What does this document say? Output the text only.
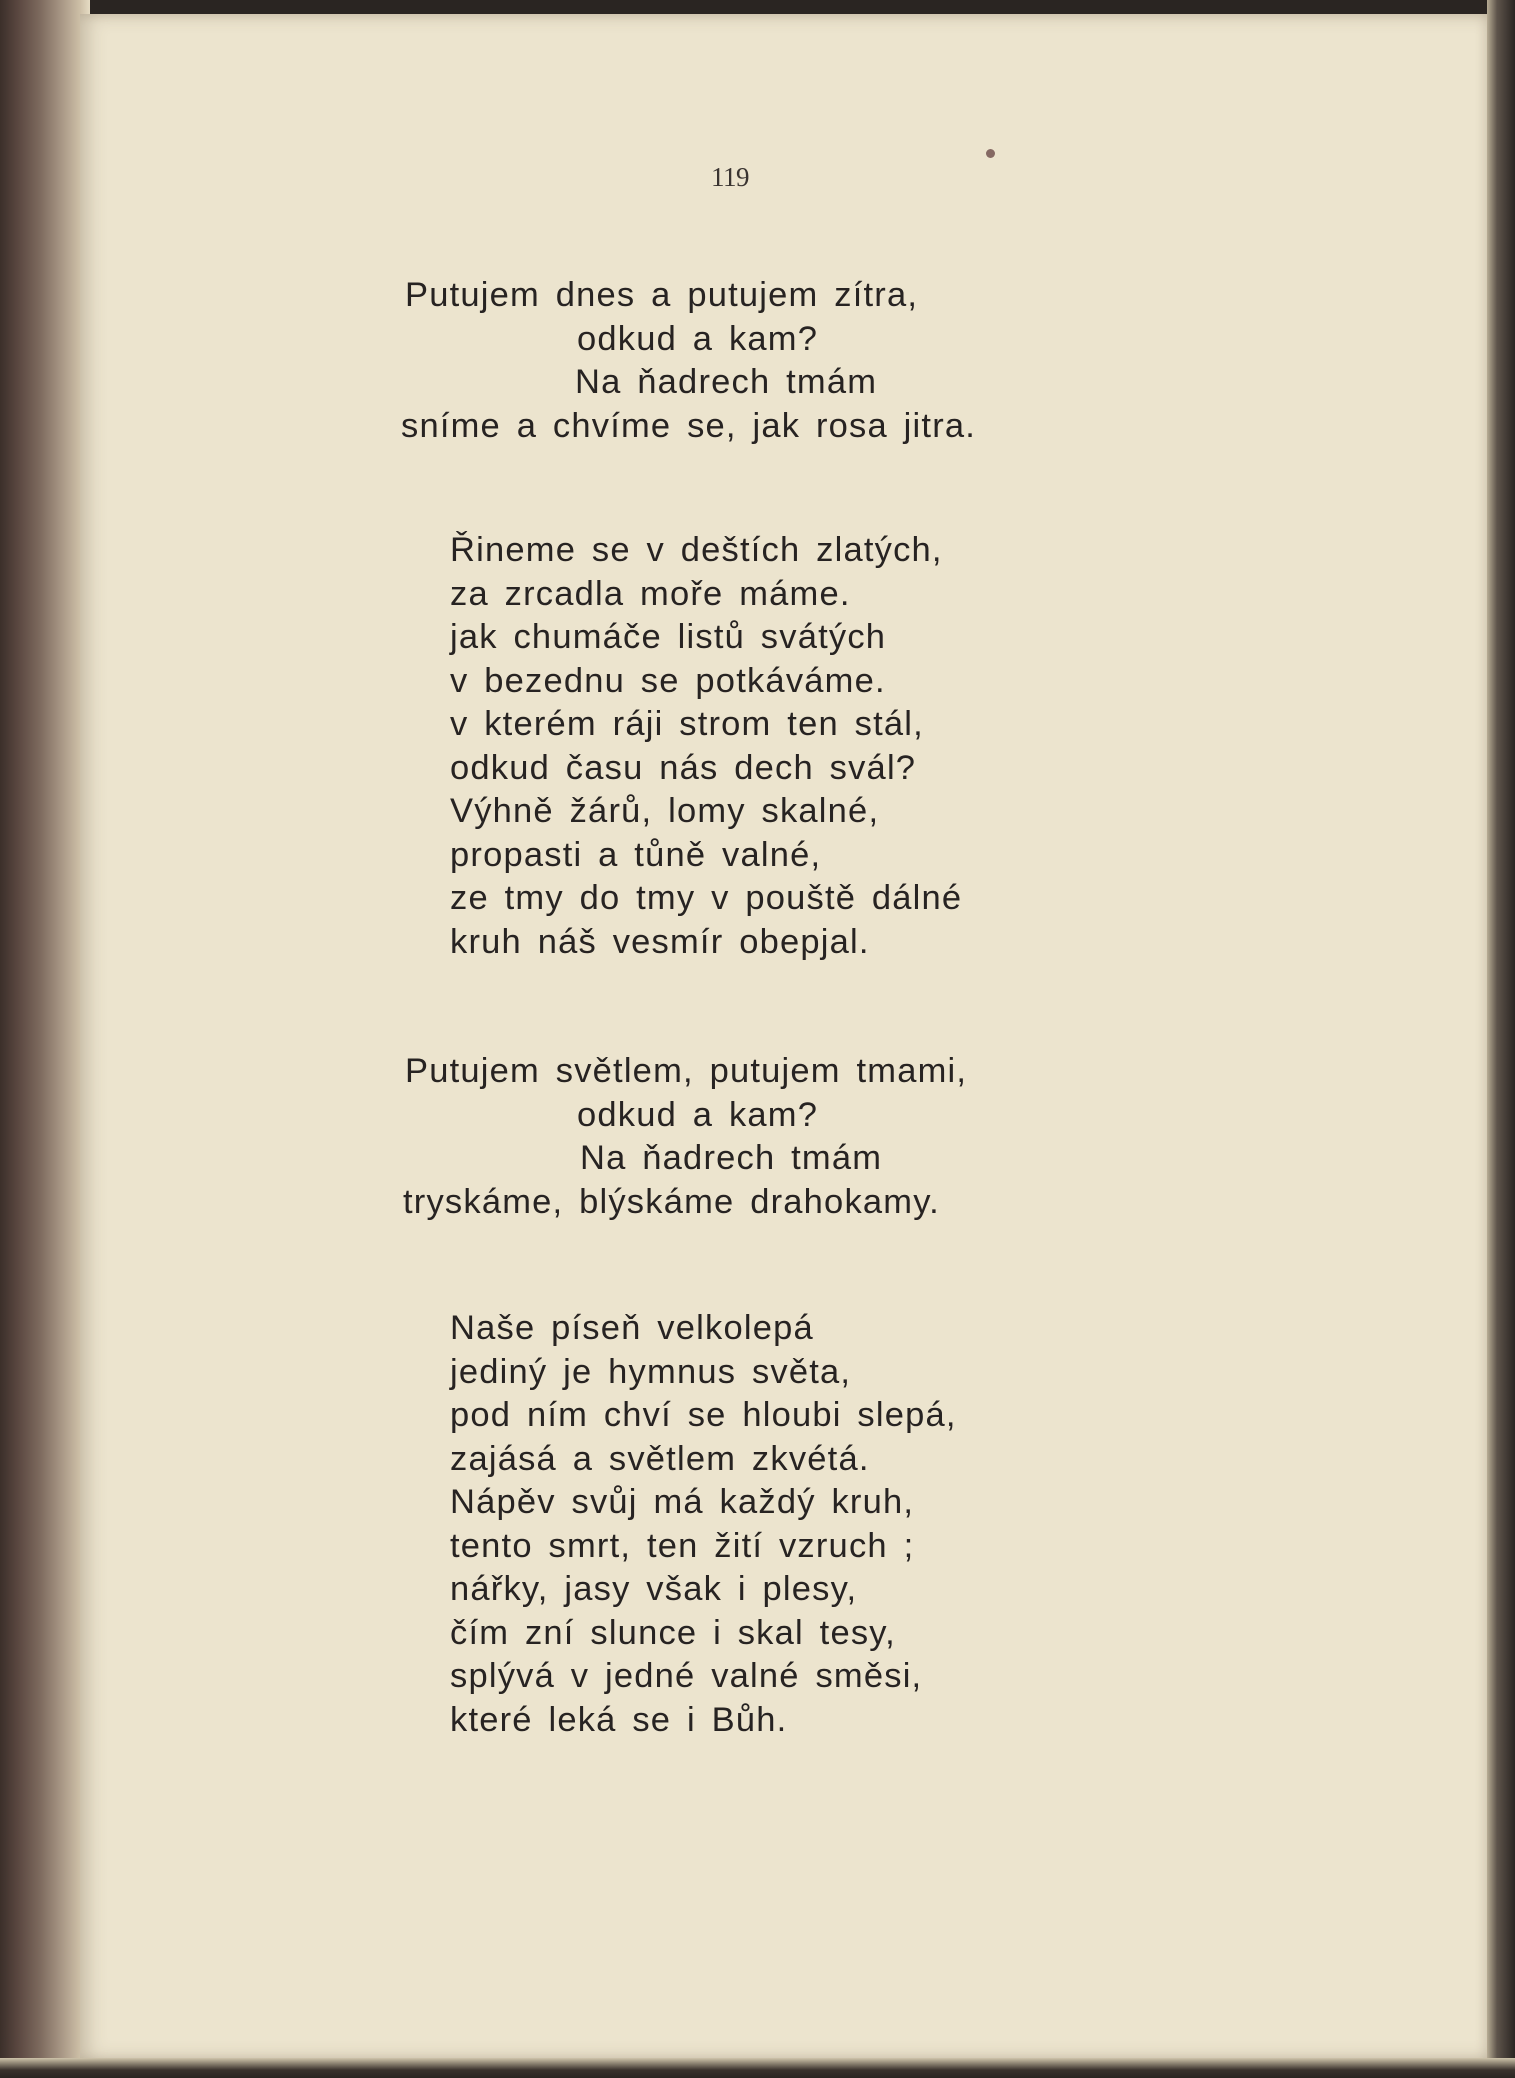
119
Putujem dnes a putujem zítra,
odkud a kam?
Na ňadrech tmám
sníme a chvíme se, jak rosa jitra.
Řineme se v deštích zlatých,
za zrcadla moře máme.
jak chumáče listů svátých
v bezednu se potkáváme.
v kterém ráji strom ten stál,
odkud času nás dech svál?
Výhně žárů, lomy skalné,
propasti a tůně valné,
ze tmy do tmy v pouště dálné
kruh náš vesmír obepjal.
Putujem světlem, putujem tmami,
odkud a kam?
Na ňadrech tmám
tryskáme, blýskáme drahokamy.
Naše píseň velkolepá
jediný je hymnus světa,
pod ním chví se hloubi slepá,
zajásá a světlem zkvétá.
Nápěv svůj má každý kruh,
tento smrt, ten žití vzruch ;
nářky, jasy však i plesy,
čím zní slunce i skal tesy,
splývá v jedné valné směsi,
které leká se i Bůh.
